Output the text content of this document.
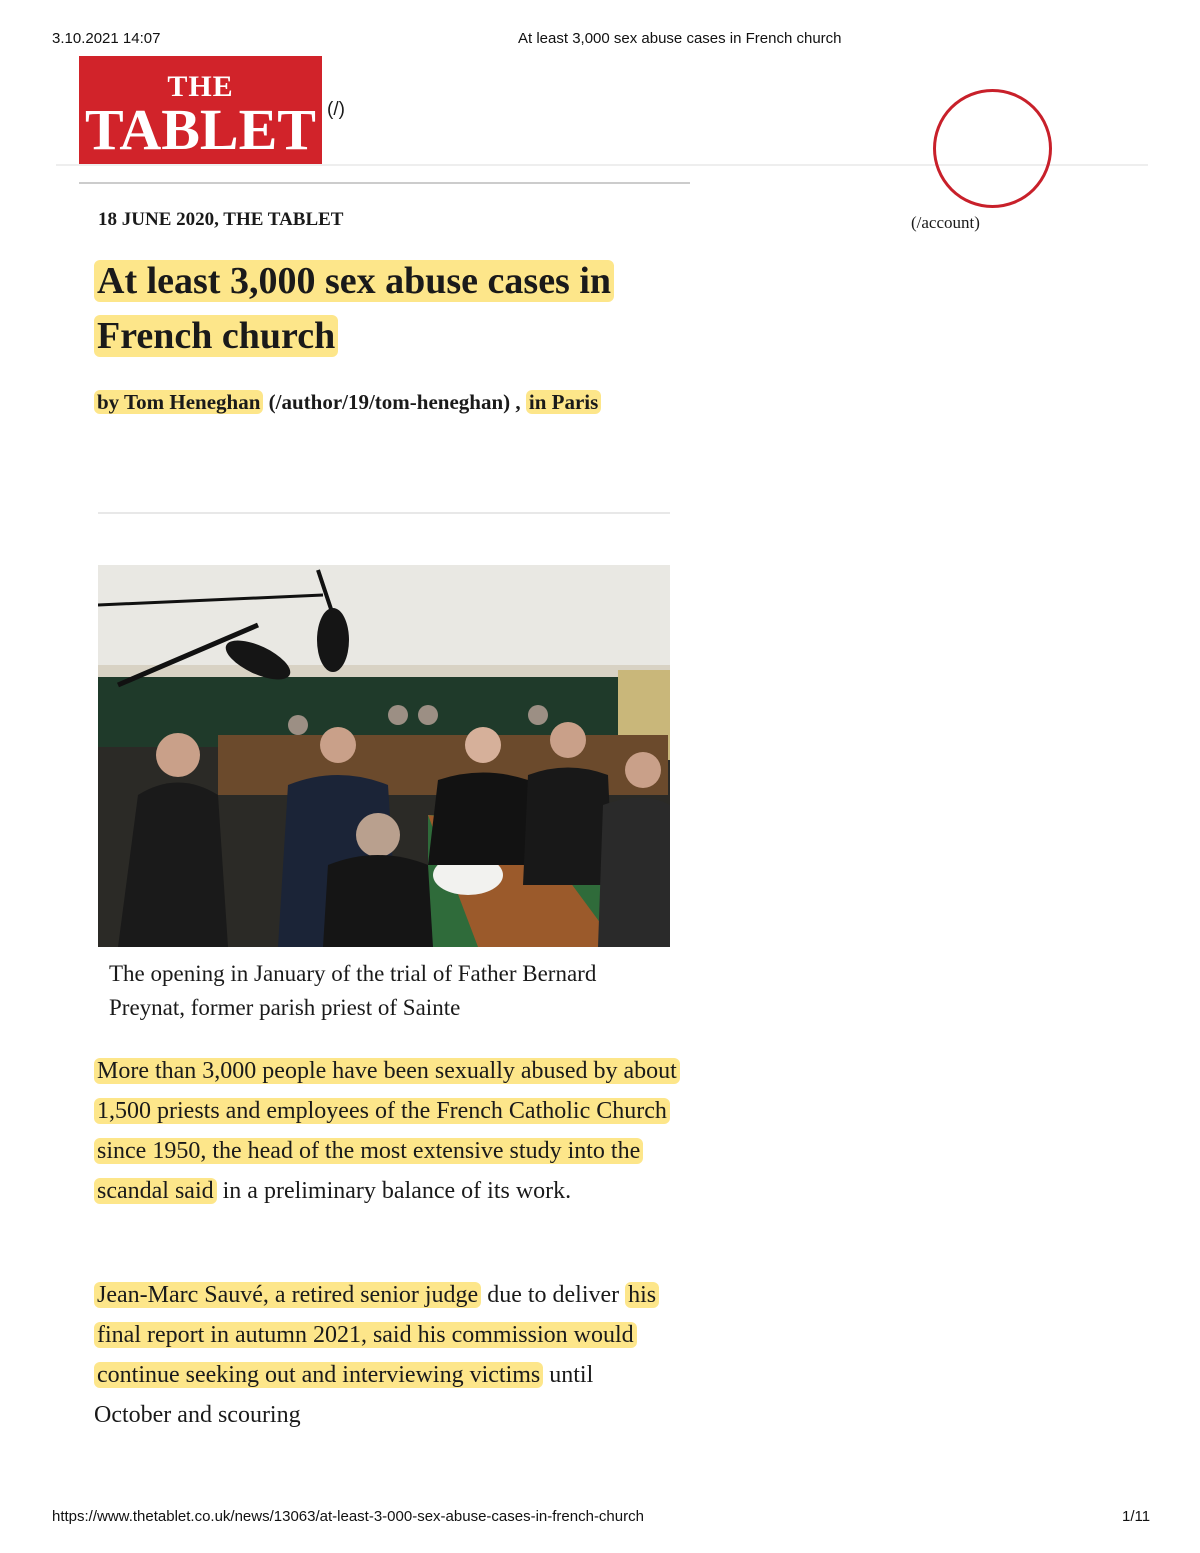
3.10.2021 14:07	At least 3,000 sex abuse cases in French church
THE
TABLET (/)
(/account)
18 JUNE 2020, THE TABLET
At least 3,000 sex abuse cases in French church
by Tom Heneghan (/author/19/tom-heneghan) , in Paris
The opening in January of the trial of Father Bernard Preynat, former parish priest of Sainte

More than 3,000 people have been sexually abused by about 1,500 priests and employees of the French Catholic Church since 1950, the head of the most extensive study into the scandal said in a preliminary balance of its work.

Jean-Marc Sauvé, a retired senior judge due to deliver his final report in autumn 2021, said his commission would continue seeking out and interviewing victims until October and scouring

https://www.thetablet.co.uk/news/13063/at-least-3-000-sex-abuse-cases-in-french-church	1/11
